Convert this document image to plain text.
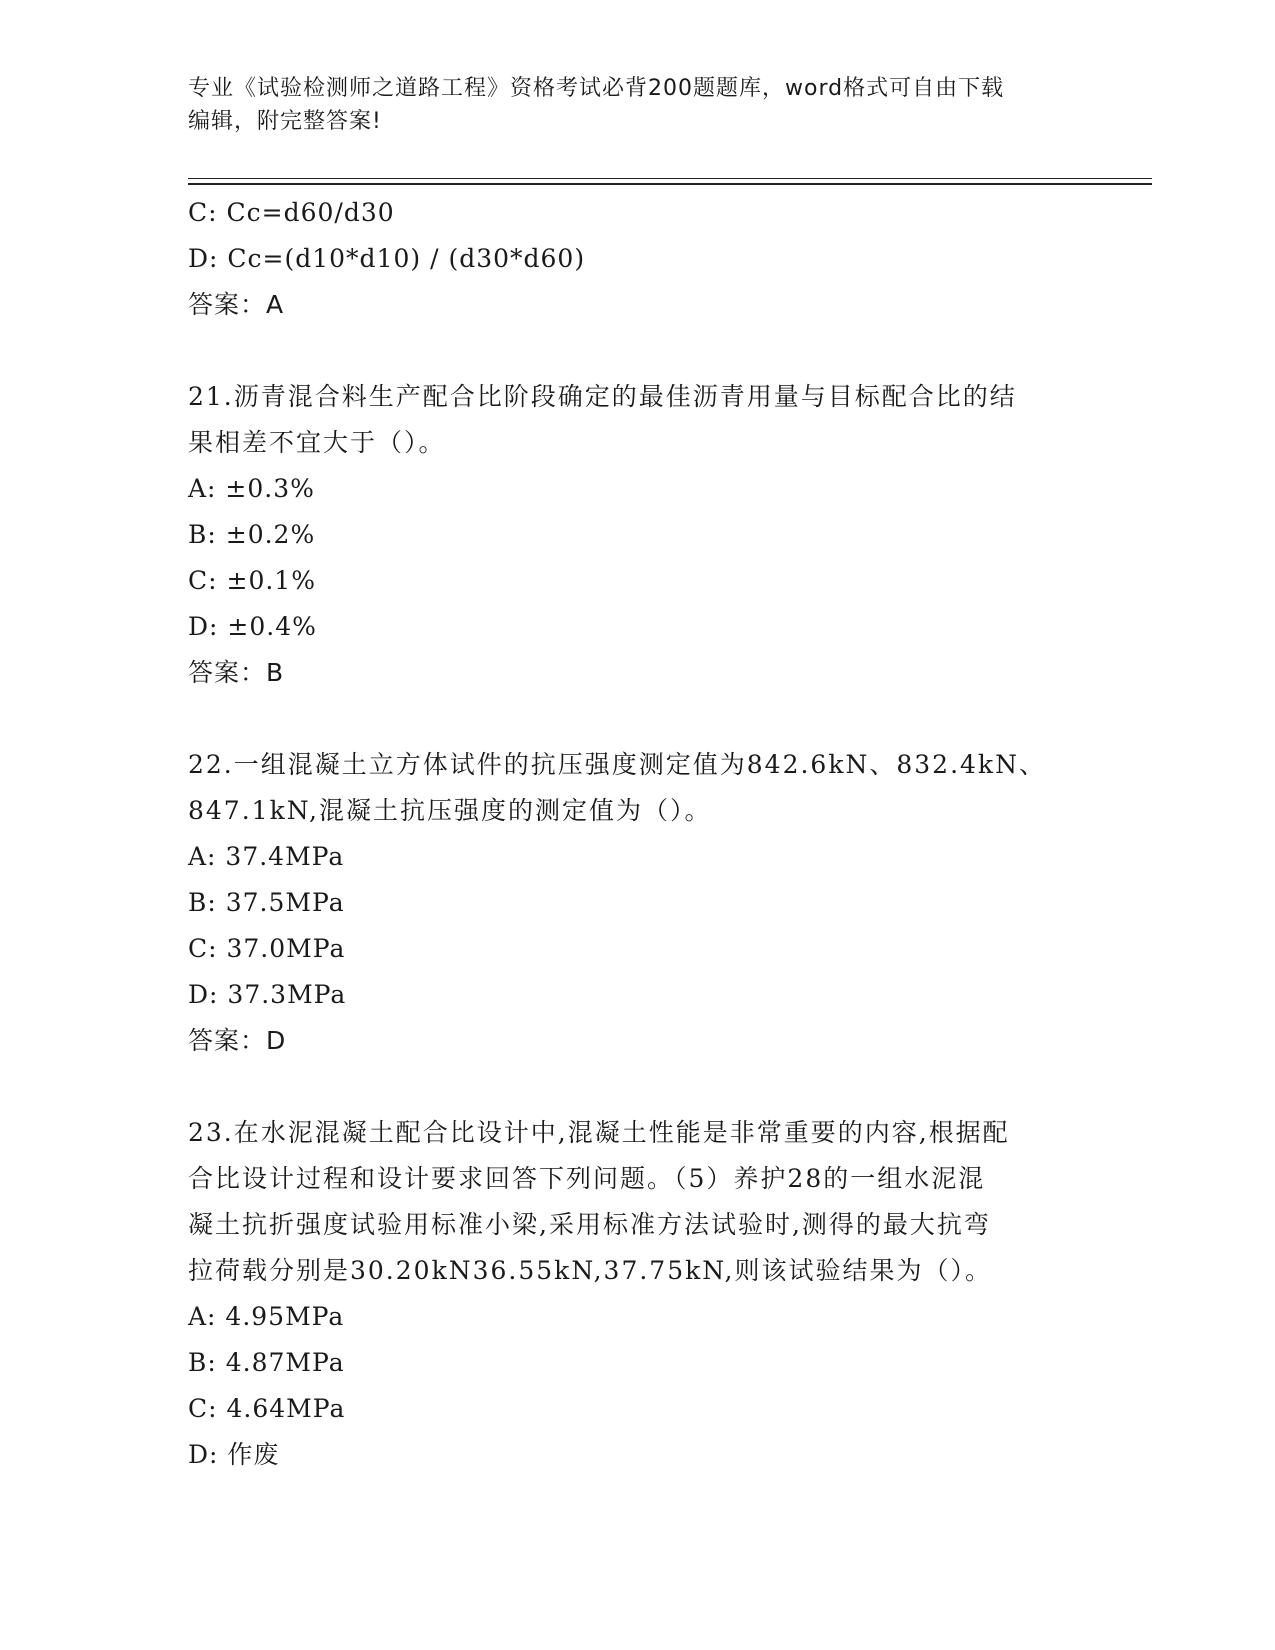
专业《试验检测师之道路工程》资格考试必背200题题库，word格式可自由下载
编辑，附完整答案!
C: Cc=d60/d30
D: Cc=(d10*d10) / (d30*d60)
答案：A
21.沥青混合料生产配合比阶段确定的最佳沥青用量与目标配合比的结
果相差不宜大于（）。
A: ±0.3%
B: ±0.2%
C: ±0.1%
D: ±0.4%
答案：B
22.一组混凝土立方体试件的抗压强度测定值为842.6kN、832.4kN、
847.1kN,混凝土抗压强度的测定值为（）。
A: 37.4MPa
B: 37.5MPa
C: 37.0MPa
D: 37.3MPa
答案：D
23.在水泥混凝土配合比设计中,混凝土性能是非常重要的内容,根据配
合比设计过程和设计要求回答下列问题。（5）养护28的一组水泥混
凝土抗折强度试验用标准小梁,采用标准方法试验时,测得的最大抗弯
拉荷载分别是30.20kN36.55kN,37.75kN,则该试验结果为（）。
A: 4.95MPa
B: 4.87MPa
C: 4.64MPa
D: 作废
